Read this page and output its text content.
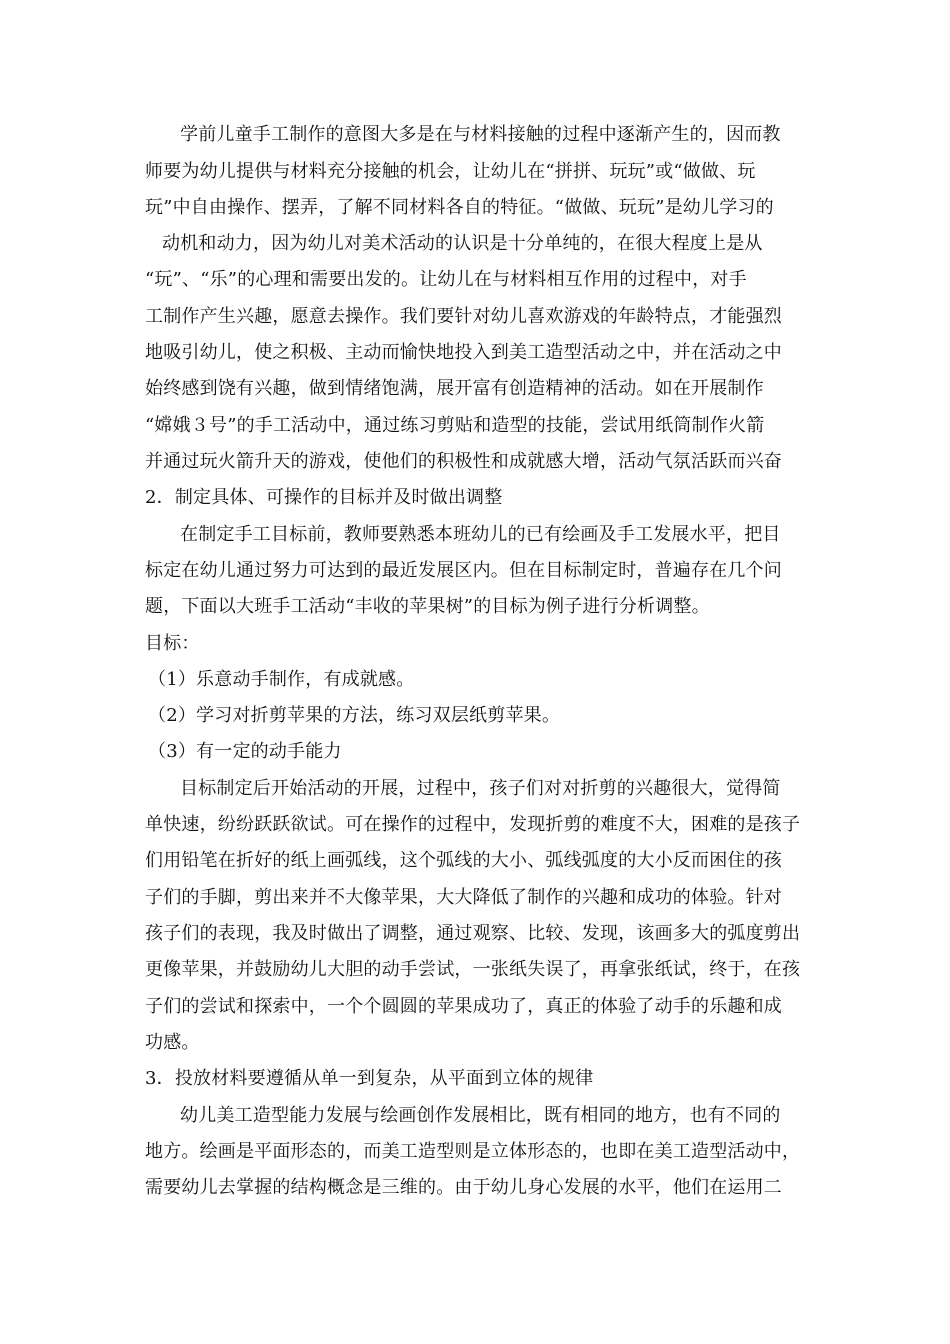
学前儿童手工制作的意图大多是在与材料接触的过程中逐渐产生的，因而教
师要为幼儿提供与材料充分接触的机会，让幼儿在“拼拼、玩玩”或“做做、玩
玩”中自由操作、摆弄，了解不同材料各自的特征。“做做、玩玩”是幼儿学习的
动机和动力，因为幼儿对美术活动的认识是十分单纯的，在很大程度上是从
“玩”、“乐”的心理和需要出发的。让幼儿在与材料相互作用的过程中，对手
工制作产生兴趣，愿意去操作。我们要针对幼儿喜欢游戏的年龄特点，才能强烈
地吸引幼儿，使之积极、主动而愉快地投入到美工造型活动之中，并在活动之中
始终感到饶有兴趣，做到情绪饱满，展开富有创造精神的活动。如在开展制作
“嫦娥３号”的手工活动中，通过练习剪贴和造型的技能，尝试用纸筒制作火箭
并通过玩火箭升天的游戏，使他们的积极性和成就感大增，活动气氛活跃而兴奋
2．制定具体、可操作的目标并及时做出调整
在制定手工目标前，教师要熟悉本班幼儿的已有绘画及手工发展水平，把目
标定在幼儿通过努力可达到的最近发展区内。但在目标制定时，普遍存在几个问
题，下面以大班手工活动“丰收的苹果树”的目标为例子进行分析调整。
目标：
（1）乐意动手制作，有成就感。
（2）学习对折剪苹果的方法，练习双层纸剪苹果。
（3）有一定的动手能力
目标制定后开始活动的开展，过程中，孩子们对对折剪的兴趣很大，觉得简
单快速，纷纷跃跃欲试。可在操作的过程中，发现折剪的难度不大，困难的是孩子
们用铅笔在折好的纸上画弧线，这个弧线的大小、弧线弧度的大小反而困住的孩
子们的手脚，剪出来并不大像苹果，大大降低了制作的兴趣和成功的体验。针对
孩子们的表现，我及时做出了调整，通过观察、比较、发现，该画多大的弧度剪出
更像苹果，并鼓励幼儿大胆的动手尝试，一张纸失误了，再拿张纸试，终于，在孩
子们的尝试和探索中，一个个圆圆的苹果成功了，真正的体验了动手的乐趣和成
功感。
3．投放材料要遵循从单一到复杂，从平面到立体的规律
幼儿美工造型能力发展与绘画创作发展相比，既有相同的地方，也有不同的
地方。绘画是平面形态的，而美工造型则是立体形态的，也即在美工造型活动中，
需要幼儿去掌握的结构概念是三维的。由于幼儿身心发展的水平，他们在运用二
